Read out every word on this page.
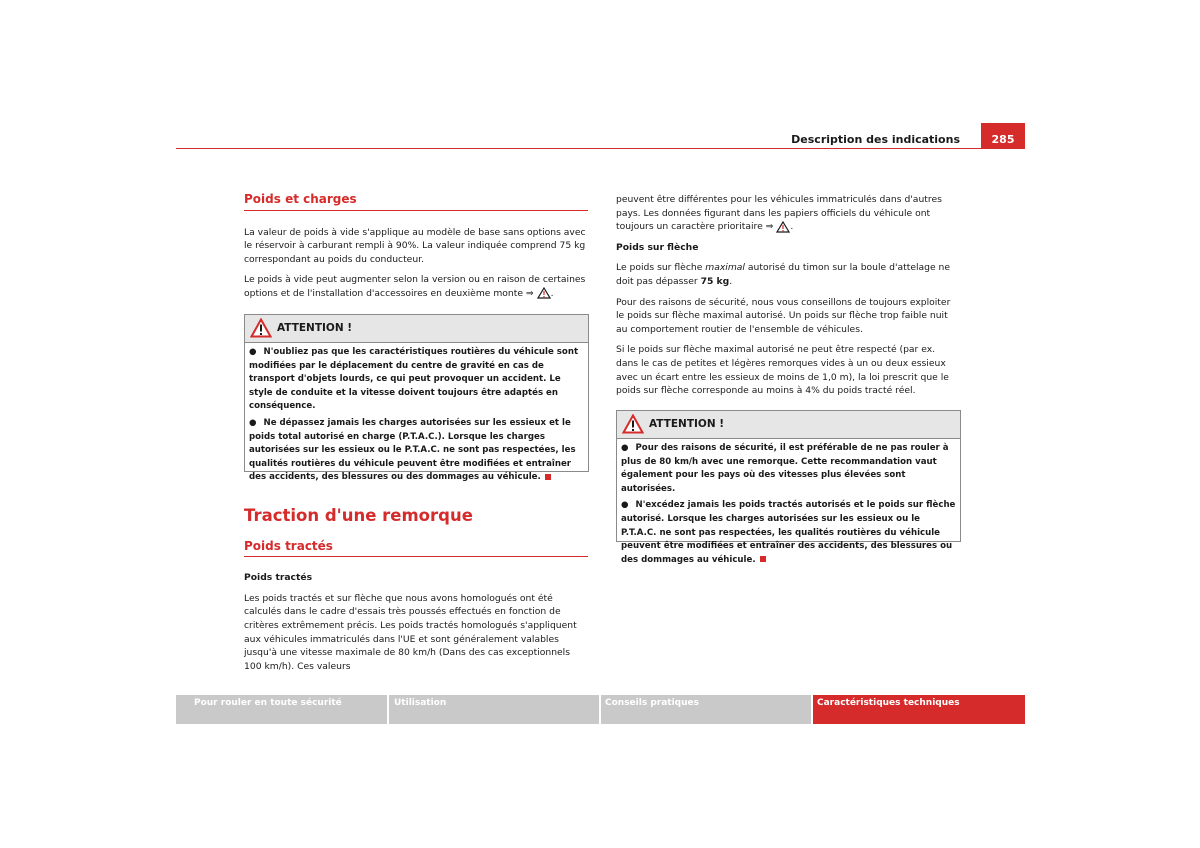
Description des indications	285
Poids et charges

La valeur de poids à vide s'applique au modèle de base sans options avec le réservoir à carburant rempli à 90%. La valeur indiquée comprend 75 kg correspondant au poids du conducteur.

Le poids à vide peut augmenter selon la version ou en raison de certaines options et de l'installation d'accessoires en deuxième monte ⇒ .

ATTENTION !

● N'oubliez pas que les caractéristiques routières du véhicule sont modifiées par le déplacement du centre de gravité en cas de transport d'objets lourds, ce qui peut provoquer un accident. Le style de conduite et la vitesse doivent toujours être adaptés en conséquence.

● Ne dépassez jamais les charges autorisées sur les essieux et le poids total autorisé en charge (P.T.A.C.). Lorsque les charges autorisées sur les essieux ou le P.T.A.C. ne sont pas respectées, les qualités routières du véhicule peuvent être modifiées et entraîner des accidents, des blessures ou des dommages au véhicule.

Traction d'une remorque
Poids tractés

Poids tractés

Les poids tractés et sur flèche que nous avons homologués ont été calculés dans le cadre d'essais très poussés effectués en fonction de critères extrêmement précis. Les poids tractés homologués s'appliquent aux véhicules immatriculés dans l'UE et sont généralement valables jusqu'à une vitesse maximale de 80 km/h (Dans des cas exceptionnels 100 km/h). Ces valeurs

peuvent être différentes pour les véhicules immatriculés dans d'autres pays. Les données figurant dans les papiers officiels du véhicule ont toujours un caractère prioritaire ⇒ .

Poids sur flèche

Le poids sur flèche maximal autorisé du timon sur la boule d'attelage ne doit pas dépasser 75 kg.

Pour des raisons de sécurité, nous vous conseillons de toujours exploiter le poids sur flèche maximal autorisé. Un poids sur flèche trop faible nuit au comportement routier de l'ensemble de véhicules.

Si le poids sur flèche maximal autorisé ne peut être respecté (par ex. dans le cas de petites et légères remorques vides à un ou deux essieux avec un écart entre les essieux de moins de 1,0 m), la loi prescrit que le poids sur flèche corresponde au moins à 4% du poids tracté réel.

ATTENTION !

● Pour des raisons de sécurité, il est préférable de ne pas rouler à plus de 80 km/h avec une remorque. Cette recommandation vaut également pour les pays où des vitesses plus élevées sont autorisées.

● N'excédez jamais les poids tractés autorisés et le poids sur flèche autorisé. Lorsque les charges autorisées sur les essieux ou le P.T.A.C. ne sont pas respectées, les qualités routières du véhicule peuvent être modifiées et entraîner des accidents, des blessures ou des dommages au véhicule.

Pour rouler en toute sécurité	Utilisation	Conseils pratiques	Caractéristiques techniques
